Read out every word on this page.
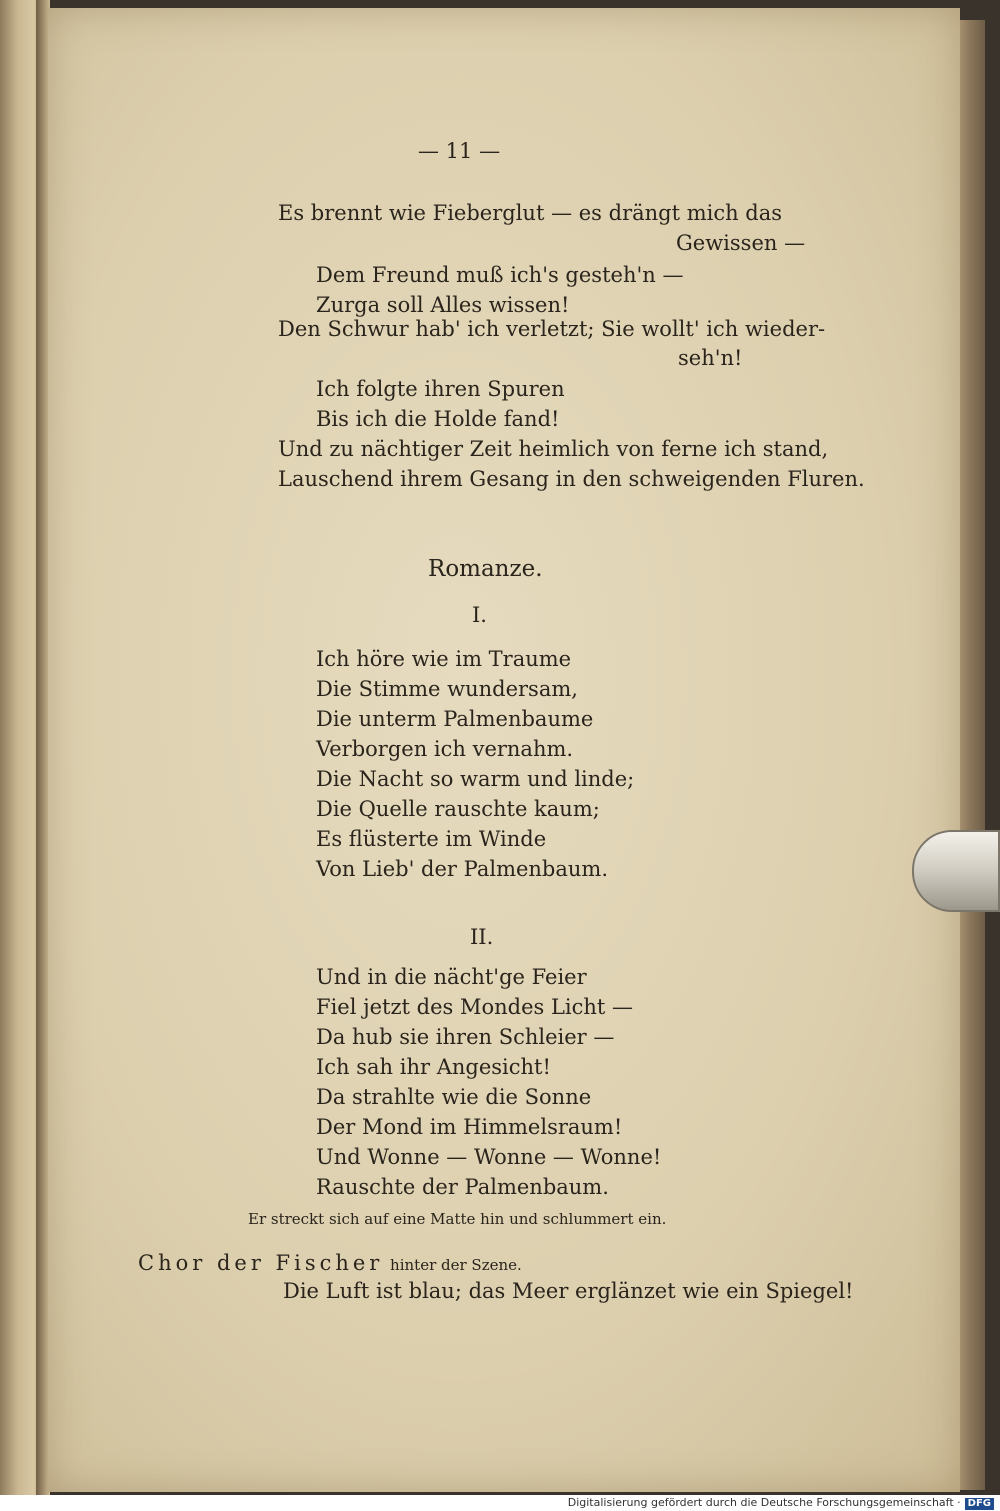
— 11 —
Es brennt wie Fieberglut — es drängt mich das
Gewissen —
Dem Freund muß ich's gesteh'n —
Zurga soll Alles wissen!
Den Schwur hab' ich verletzt; Sie wollt' ich wieder-
seh'n!
Ich folgte ihren Spuren
Bis ich die Holde fand!
Und zu nächtiger Zeit heimlich von ferne ich stand,
Lauschend ihrem Gesang in den schweigenden Fluren.
Romanze.
I.
Ich höre wie im Traume
Die Stimme wundersam,
Die unterm Palmenbaume
Verborgen ich vernahm.
Die Nacht so warm und linde;
Die Quelle rauschte kaum;
Es flüsterte im Winde
Von Lieb' der Palmenbaum.
II.
Und in die nächt'ge Feier
Fiel jetzt des Mondes Licht —
Da hub sie ihren Schleier —
Ich sah ihr Angesicht!
Da strahlte wie die Sonne
Der Mond im Himmelsraum!
Und Wonne — Wonne — Wonne!
Rauschte der Palmenbaum.
Er streckt sich auf eine Matte hin und schlummert ein.
Chor der Fischer hinter der Szene.
Die Luft ist blau; das Meer erglänzet wie ein Spiegel!
Digitalisierung gefördert durch die Deutsche Forschungsgemeinschaft · DFG
